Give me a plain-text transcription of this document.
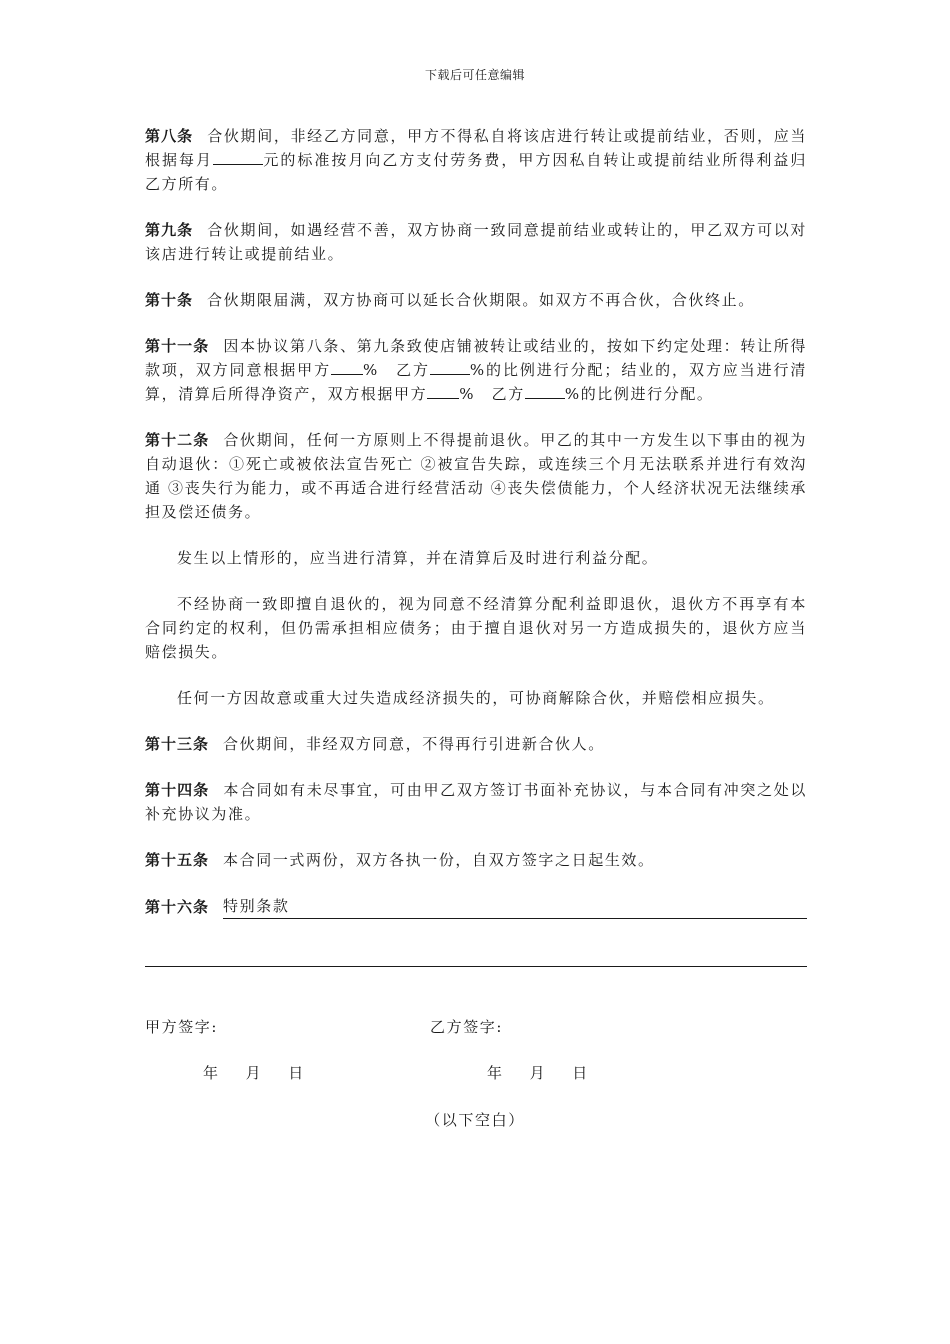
下载后可任意编辑

第八条 合伙期间，非经乙方同意，甲方不得私自将该店进行转让或提前结业，否则，应当根据每月	元的标准按月向乙方支付劳务费，甲方因私自转让或提前结业所得利益归乙方所有。

第九条 合伙期间，如遇经营不善，双方协商一致同意提前结业或转让的，甲乙双方可以对该店进行转让或提前结业。

第十条 合伙期限届满，双方协商可以延长合伙期限。如双方不再合伙，合伙终止。

第十一条 因本协议第八条、第九条致使店铺被转让或结业的，按如下约定处理：转让所得款项，双方同意根据甲方 %　乙方	%的比例进行分配；结业的，双方应当进行清算，清算后所得净资产，双方根据甲方 %　乙方	%的比例进行分配。

第十二条 合伙期间，任何一方原则上不得提前退伙。甲乙的其中一方发生以下事由的视为自动退伙：①死亡或被依法宣告死亡 ②被宣告失踪，或连续三个月无法联系并进行有效沟通 ③丧失行为能力，或不再适合进行经营活动 ④丧失偿债能力，个人经济状况无法继续承担及偿还债务。

发生以上情形的，应当进行清算，并在清算后及时进行利益分配。

不经协商一致即擅自退伙的，视为同意不经清算分配利益即退伙，退伙方不再享有本合同约定的权利，但仍需承担相应债务；由于擅自退伙对另一方造成损失的，退伙方应当赔偿损失。

任何一方因故意或重大过失造成经济损失的，可协商解除合伙，并赔偿相应损失。

第十三条 合伙期间，非经双方同意，不得再行引进新合伙人。

第十四条 本合同如有未尽事宜，可由甲乙双方签订书面补充协议，与本合同有冲突之处以补充协议为准。

第十五条 本合同一式两份，双方各执一份，自双方签字之日起生效。

第十六条 特别条款
甲方签字:	乙方签字:
年 月 日	年 月 日
（以下空白）
